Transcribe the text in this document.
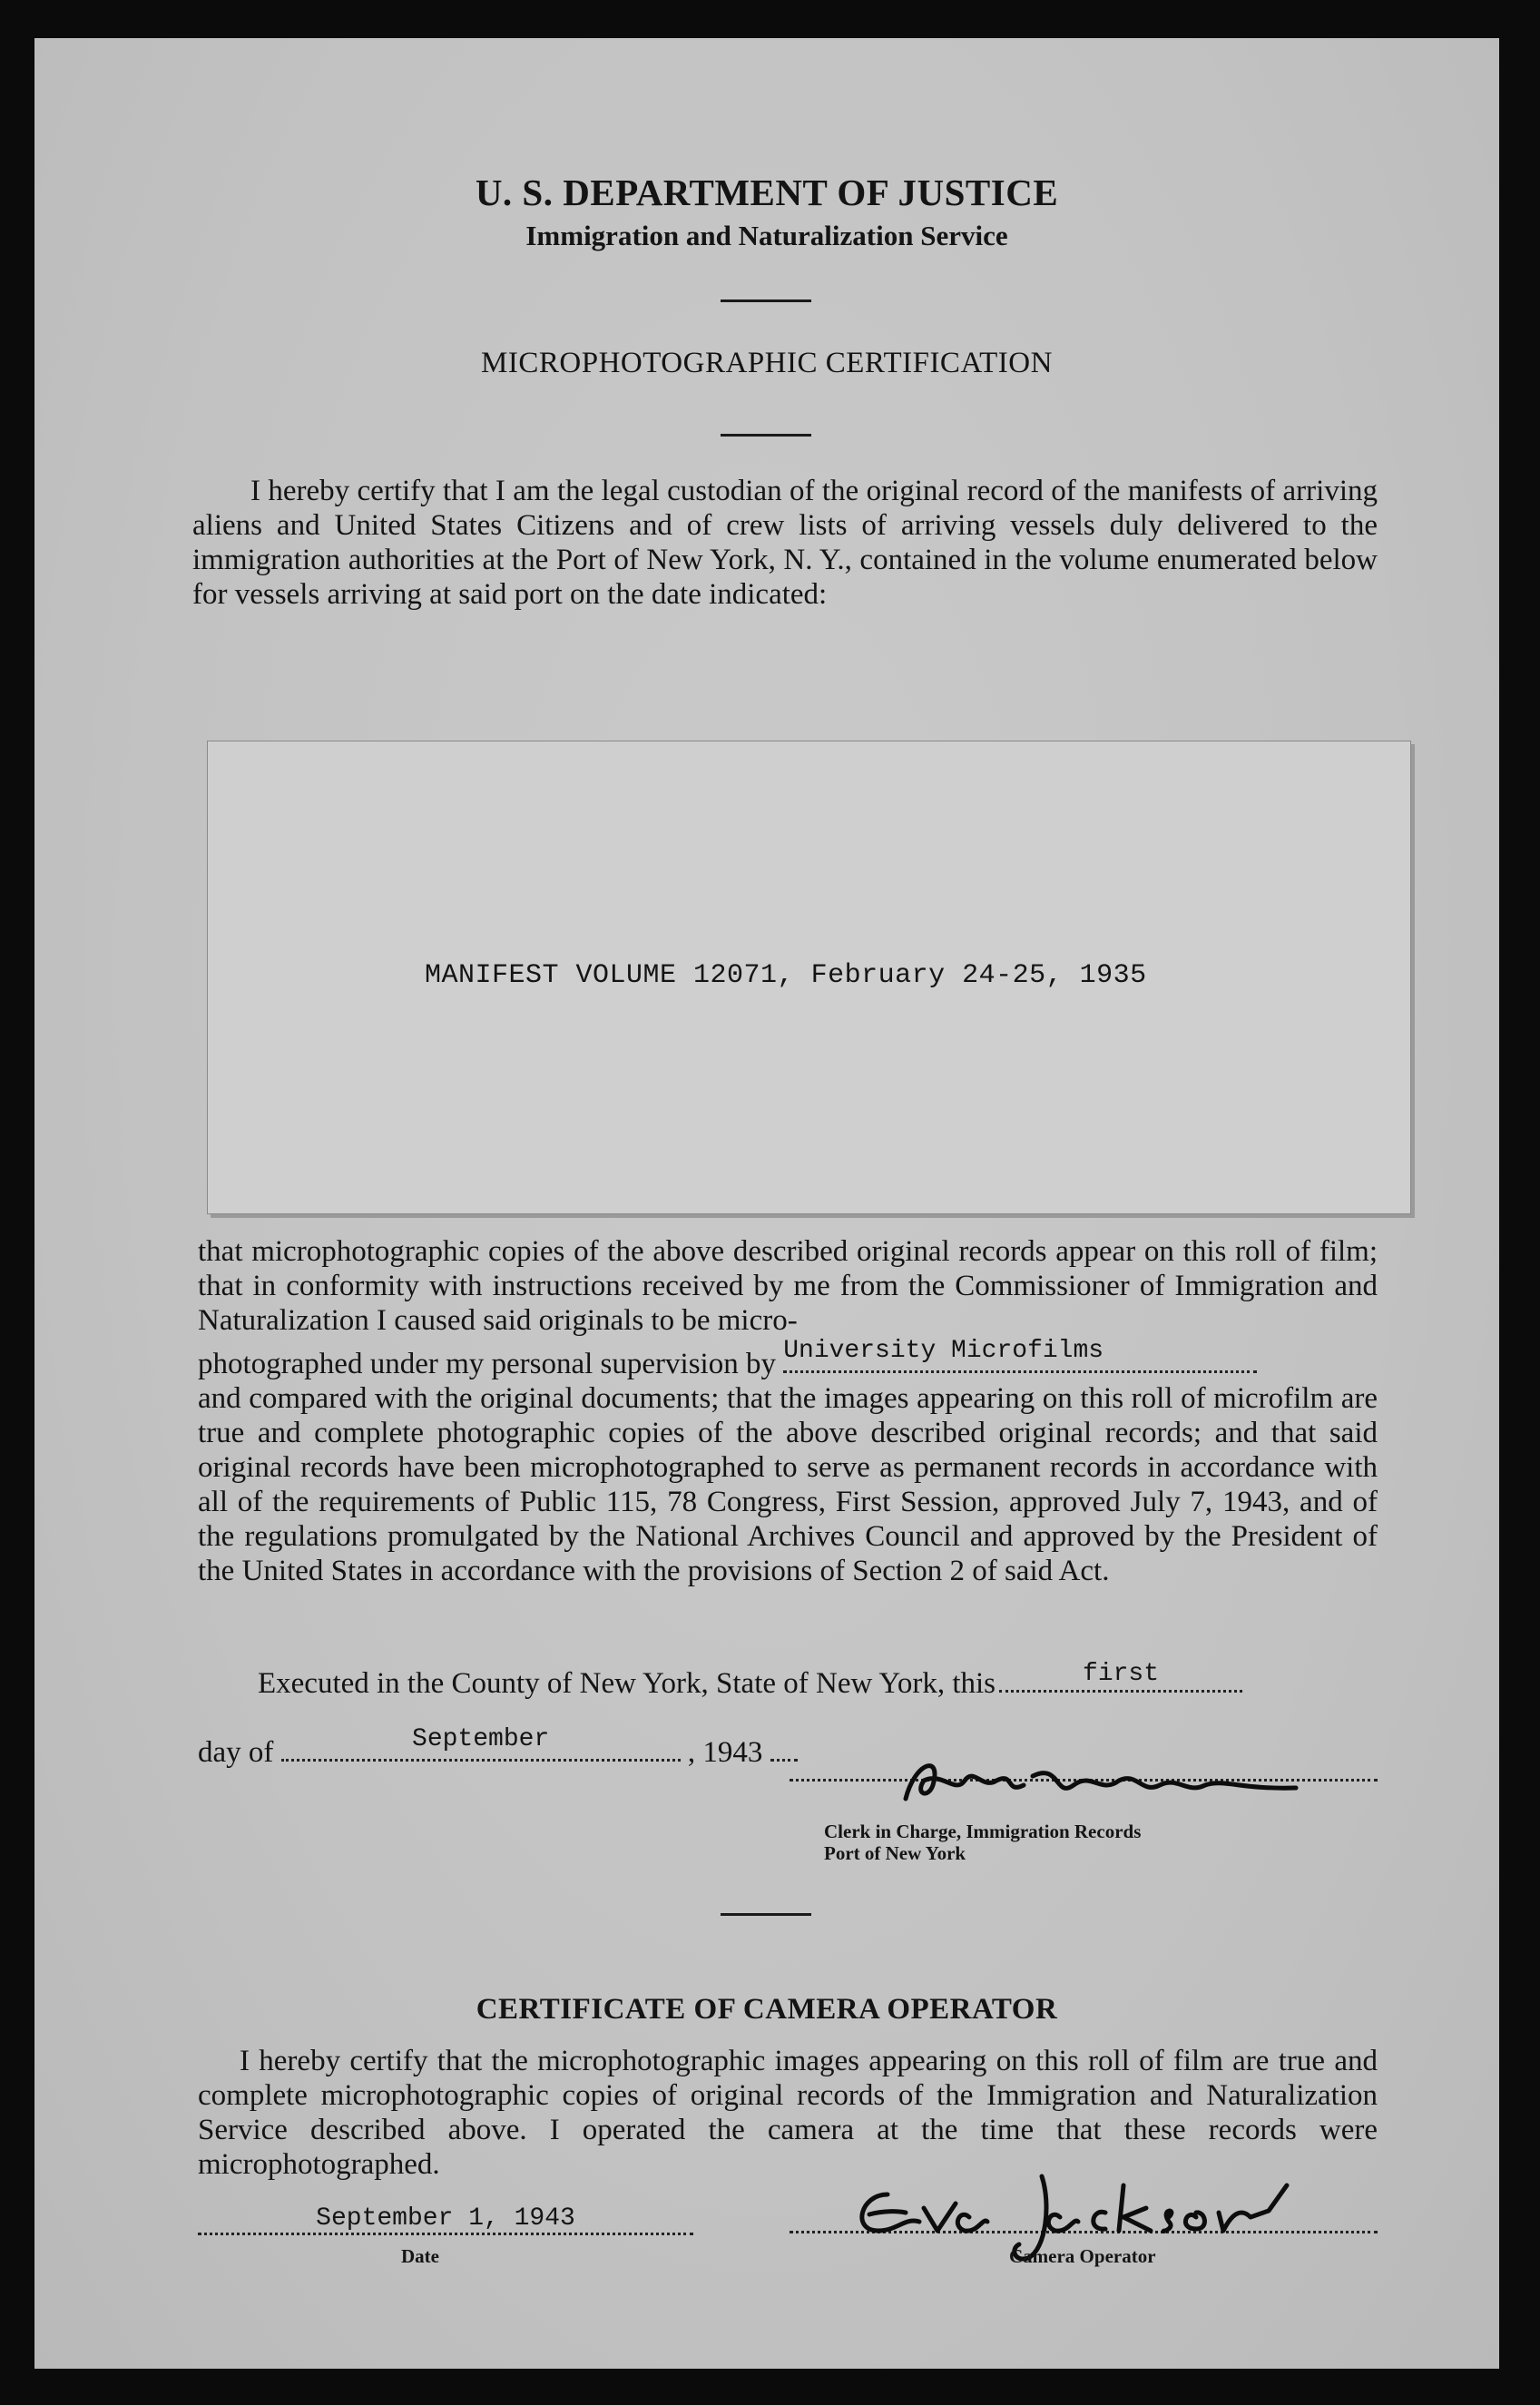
U. S. DEPARTMENT OF JUSTICE
Immigration and Naturalization Service
MICROPHOTOGRAPHIC CERTIFICATION
I hereby certify that I am the legal custodian of the original record of the manifests of arriving aliens and United States Citizens and of crew lists of arriving vessels duly delivered to the immigration authorities at the Port of New York, N. Y., contained in the volume enumerated below for vessels arriving at said port on the date indicated:
MANIFEST VOLUME 12071, February 24-25, 1935
that microphotographic copies of the above described original records appear on this roll of film; that in conformity with instructions received by me from the Commissioner of Immigration and Naturalization I caused said originals to be micro-
photographed under my personal supervision by University Microfilms
and compared with the original documents; that the images appearing on this roll of microfilm are true and complete photographic copies of the above described original records; and that said original records have been microphotographed to serve as permanent records in accordance with all of the requirements of Public 115, 78 Congress, First Session, approved July 7, 1943, and of the regulations promulgated by the National Archives Council and approved by the President of the United States in accordance with the provisions of Section 2 of said Act.
Executed in the County of New York, State of New York, this	first
day of	September	, 1943
Clerk in Charge, Immigration Records
Port of New York
CERTIFICATE OF CAMERA OPERATOR
I hereby certify that the microphotographic images appearing on this roll of film are true and complete microphotographic copies of original records of the Immigration and Naturalization Service described above. I operated the camera at the time that these records were microphotographed.
September 1, 1943
Date	Camera Operator
